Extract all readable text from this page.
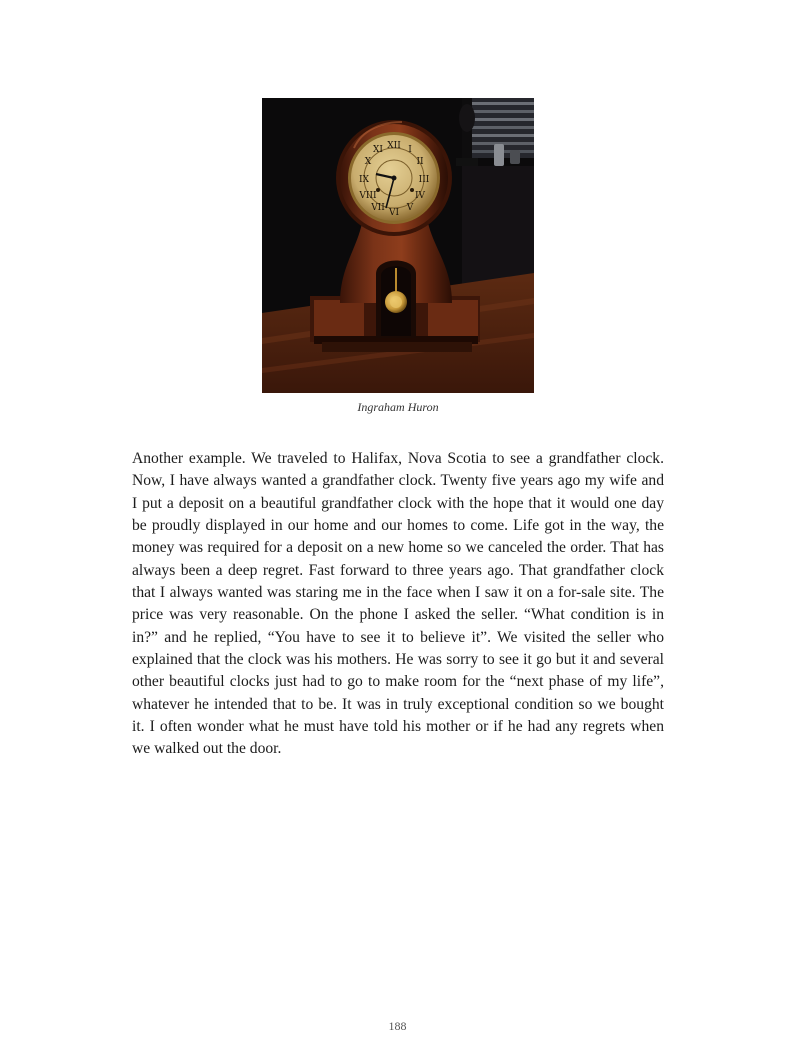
XII I
II
III
IV
V
VI
VII
VIII
IX
X
XI
Ingraham Huron

Another example. We traveled to Halifax, Nova Scotia to see a grandfather clock. Now, I have always wanted a grandfather clock. Twenty five years ago my wife and I put a deposit on a beautiful grandfather clock with the hope that it would one day be proudly displayed in our home and our homes to come. Life got in the way, the money was required for a deposit on a new home so we canceled the order. That has always been a deep regret. Fast forward to three years ago. That grandfather clock that I always wanted was staring me in the face when I saw it on a for-sale site. The price was very reasonable. On the phone I asked the seller. “What condition is in in?” and he replied, “You have to see it to believe it”. We visited the seller who explained that the clock was his mothers. He was sorry to see it go but it and several other beautiful clocks just had to go to make room for the “next phase of my life”, whatever he intended that to be. It was in truly exceptional condition so we bought it. I often wonder what he must have told his mother or if he had any regrets when we walked out the door.

188
